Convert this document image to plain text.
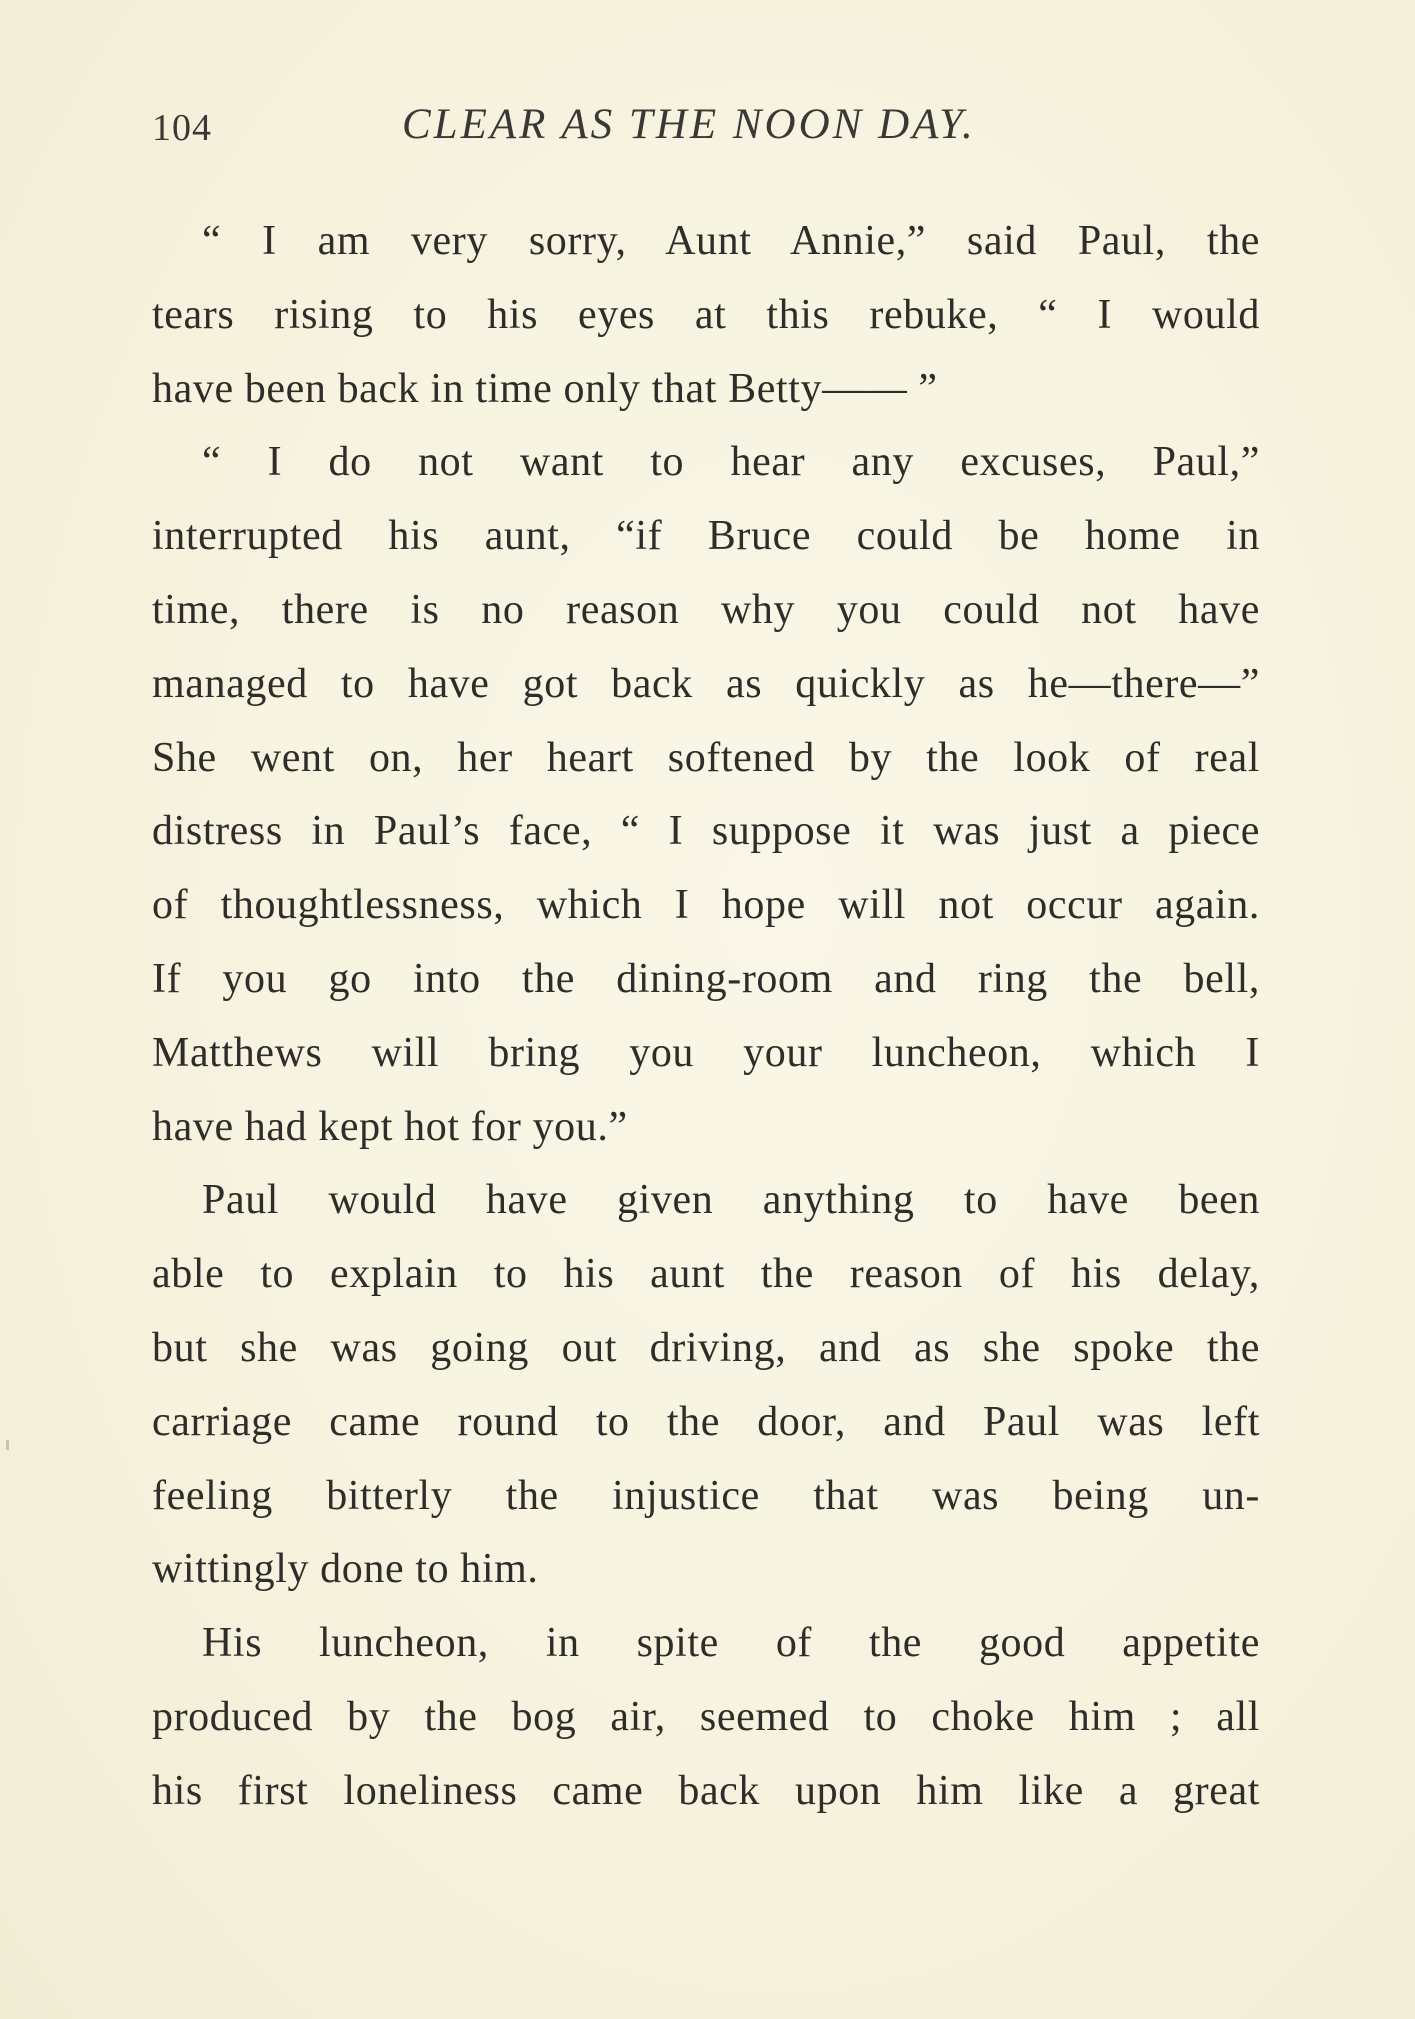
104	CLEAR AS THE NOON DAY.
“ I am very sorry, Aunt Annie,” said Paul, the
tears rising to his eyes at this rebuke, “ I would
have been back in time only that Betty—— ”
“ I do not want to hear any excuses, Paul,”
interrupted his aunt, “if Bruce could be home in
time, there is no reason why you could not have
managed to have got back as quickly as he—there—”
She went on, her heart softened by the look of real
distress in Paul’s face, “ I suppose it was just a piece
of thoughtlessness, which I hope will not occur again.
If you go into the dining-room and ring the bell,
Matthews will bring you your luncheon, which I
have had kept hot for you.”
Paul would have given anything to have been
able to explain to his aunt the reason of his delay,
but she was going out driving, and as she spoke the
carriage came round to the door, and Paul was left
feeling bitterly the injustice that was being un-
wittingly done to him.
His luncheon, in spite of the good appetite
produced by the bog air, seemed to choke him ; all
his first loneliness came back upon him like a great
